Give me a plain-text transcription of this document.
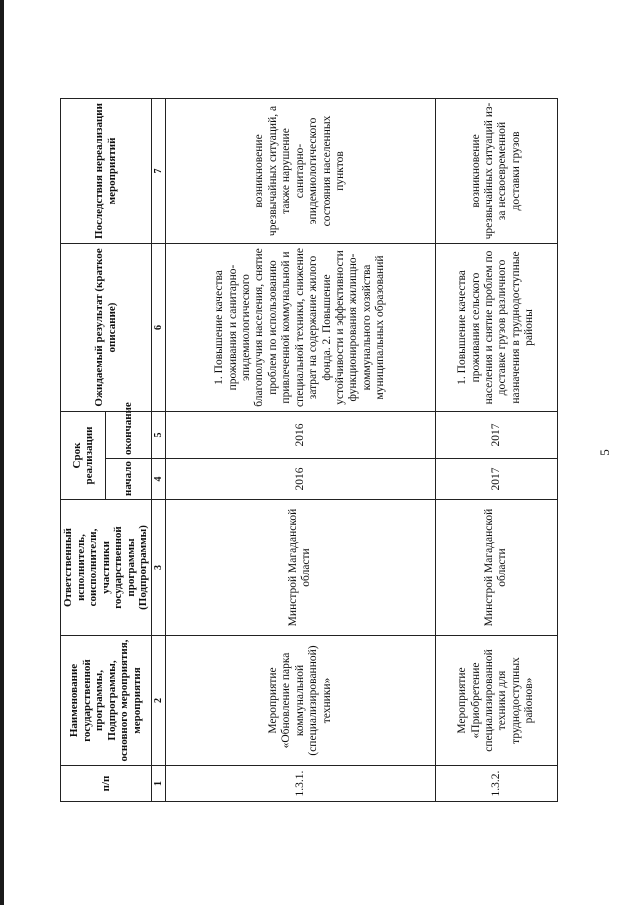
5
п/п	Наименование государственной программы, Подпрограммы, основного мероприятия, мероприятия	Ответственный исполнитель, соисполнители, участники государственной программы (Подпрограммы)	Срок реализации		Ожидаемый результат (краткое описание)	Последствия нереализации мероприятий
			начало	окончание		
1	2	3	4	5	6	7
1.3.1.	Мероприятие «Обновление парка коммунальной (специализированной) техники»	Минстрой Магаданской области	2016	2016	1. Повышение качества проживания и санитарно-эпидемиологического благополучия населения, снятие проблем по использованию привлеченной коммунальной и специальной техники, снижение затрат на содержание жилого фонда. 2. Повышение устойчивости и эффективности функционирования жилищно-коммунального хозяйства муниципальных образований	возникновение чрезвычайных ситуаций, а также нарушение санитарно-эпидемиологического состояния населенных пунктов
1.3.2.	Мероприятие «Приобретение специализированной техники для труднодоступных районов»	Минстрой Магаданской области	2017	2017	1. Повышение качества проживания сельского населения и снятие проблем по доставке грузов различного назначения в труднодоступные районы	возникновение чрезвычайных ситуаций из-за несвоевременной доставки грузов
